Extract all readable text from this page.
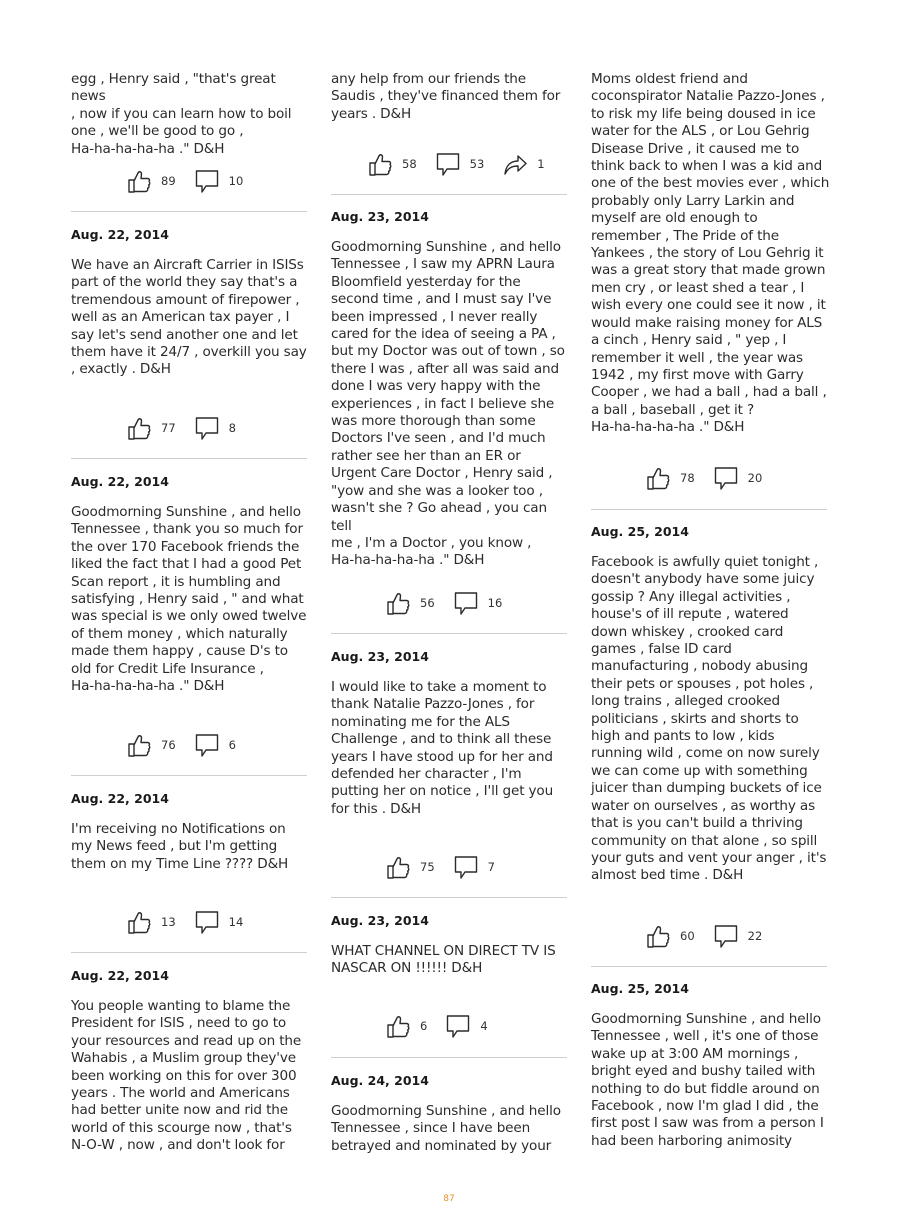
egg , Henry said , "that's great news
, now if you can learn how to boil
one , we'll be good to go ,
Ha-ha-ha-ha-ha ." D&H
89	10
Aug. 22, 2014
We have an Aircraft Carrier in ISISs
part of the world they say that's a
tremendous amount of firepower ,
well as an American tax payer , I
say let's send another one and let
them have it 24/7 , overkill you say
, exactly . D&H
77	8
Aug. 22, 2014
Goodmorning Sunshine , and hello
Tennessee , thank you so much for
the over 170 Facebook friends the
liked the fact that I had a good Pet
Scan report , it is humbling and
satisfying , Henry said , " and what
was special is we only owed twelve
of them money , which naturally
made them happy , cause D's to
old for Credit Life Insurance ,
Ha-ha-ha-ha-ha ." D&H
76	6
Aug. 22, 2014
I'm receiving no Notifications on
my News feed , but I'm getting
them on my Time Line ???? D&H
13	14
Aug. 22, 2014
You people wanting to blame the
President for ISIS , need to go to
your resources and read up on the
Wahabis , a Muslim group they've
been working on this for over 300
years . The world and Americans
had better unite now and rid the
world of this scourge now , that's
N-O-W , now , and don't look for
any help from our friends the
Saudis , they've financed them for
years . D&H
58	53	1
Aug. 23, 2014
Goodmorning Sunshine , and hello
Tennessee , I saw my APRN Laura
Bloomfield yesterday for the
second time , and I must say I've
been impressed , I never really
cared for the idea of seeing a PA ,
but my Doctor was out of town , so
there I was , after all was said and
done I was very happy with the
experiences , in fact I believe she
was more thorough than some
Doctors I've seen , and I'd much
rather see her than an ER or
Urgent Care Doctor , Henry said ,
"yow and she was a looker too ,
wasn't she ? Go ahead , you can tell
me , I'm a Doctor , you know ,
Ha-ha-ha-ha-ha ." D&H
56	16
Aug. 23, 2014
I would like to take a moment to
thank Natalie Pazzo-Jones , for
nominating me for the ALS
Challenge , and to think all these
years I have stood up for her and
defended her character , I'm
putting her on notice , I'll get you
for this . D&H
75	7
Aug. 23, 2014
WHAT CHANNEL ON DIRECT TV IS
NASCAR ON !!!!!! D&H
6	4
Aug. 24, 2014
Goodmorning Sunshine , and hello
Tennessee , since I have been
betrayed and nominated by your
Moms oldest friend and
coconspirator Natalie Pazzo-Jones ,
to risk my life being doused in ice
water for the ALS , or Lou Gehrig
Disease Drive , it caused me to
think back to when I was a kid and
one of the best movies ever , which
probably only Larry Larkin and
myself are old enough to
remember , The Pride of the
Yankees , the story of Lou Gehrig it
was a great story that made grown
men cry , or least shed a tear , I
wish every one could see it now , it
would make raising money for ALS
a cinch , Henry said , " yep , I
remember it well , the year was
1942 , my first move with Garry
Cooper , we had a ball , had a ball ,
a ball , baseball , get it ?
Ha-ha-ha-ha-ha ." D&H
78	20
Aug. 25, 2014
Facebook is awfully quiet tonight ,
doesn't anybody have some juicy
gossip ? Any illegal activities ,
house's of ill repute , watered
down whiskey , crooked card
games , false ID card
manufacturing , nobody abusing
their pets or spouses , pot holes ,
long trains , alleged crooked
politicians , skirts and shorts to
high and pants to low , kids
running wild , come on now surely
we can come up with something
juicer than dumping buckets of ice
water on ourselves , as worthy as
that is you can't build a thriving
community on that alone , so spill
your guts and vent your anger , it's
almost bed time . D&H
60	22
Aug. 25, 2014
Goodmorning Sunshine , and hello
Tennessee , well , it's one of those
wake up at 3:00 AM mornings ,
bright eyed and bushy tailed with
nothing to do but fiddle around on
Facebook , now I'm glad I did , the
first post I saw was from a person I
had been harboring animosity
87
